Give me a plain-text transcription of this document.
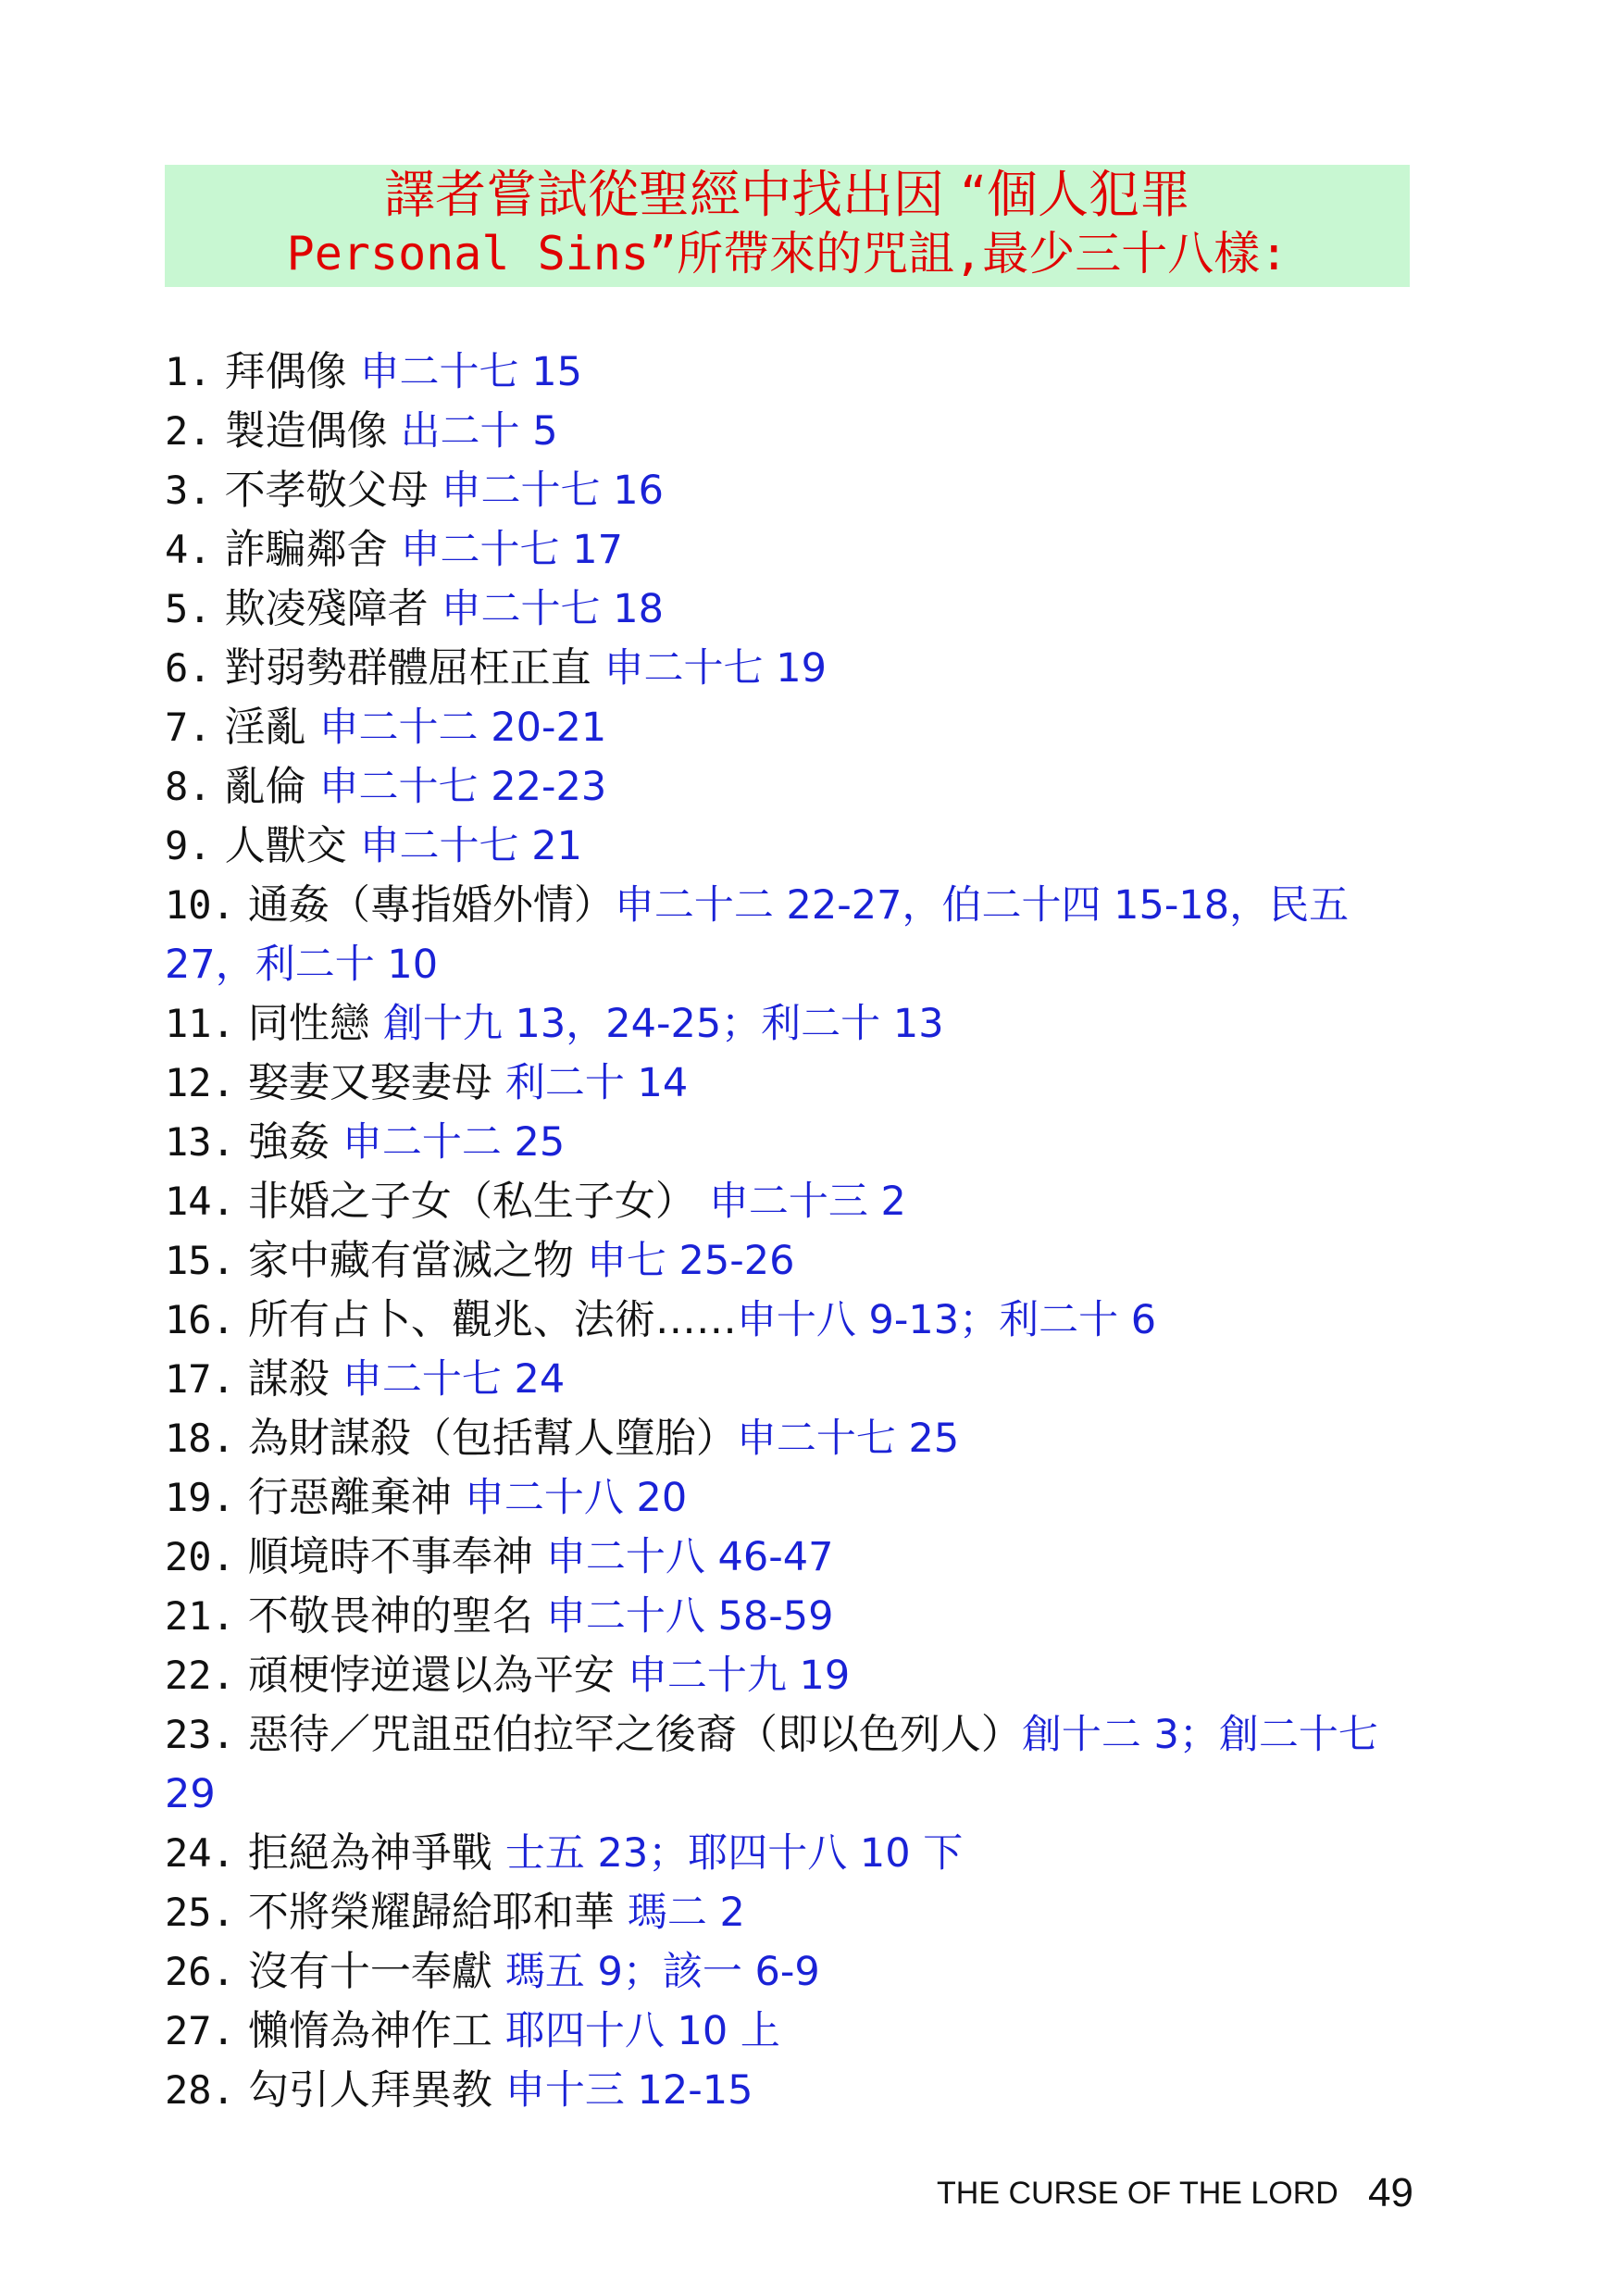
譯者嘗試從聖經中找出因 “個人犯罪
Personal Sins”所帶來的咒詛,最少三十八樣:
1. 拜偶像 申二十七 15
2. 製造偶像 出二十 5
3. 不孝敬父母 申二十七 16
4. 詐騙鄰舍 申二十七 17
5. 欺凌殘障者 申二十七 18
6. 對弱勢群體屈枉正直 申二十七 19
7. 淫亂 申二十二 20-21
8. 亂倫 申二十七 22-23
9. 人獸交 申二十七 21
10. 通姦（專指婚外情）申二十二 22-27，伯二十四 15-18，民五 27，利二十 10
11. 同性戀 創十九 13，24-25；利二十 13
12. 娶妻又娶妻母 利二十 14
13. 強姦 申二十二 25
14. 非婚之子女（私生子女） 申二十三 2
15. 家中藏有當滅之物 申七 25-26
16. 所有占卜、觀兆、法術……申十八 9-13；利二十 6
17. 謀殺 申二十七 24
18. 為財謀殺（包括幫人墮胎）申二十七 25
19. 行惡離棄神 申二十八 20
20. 順境時不事奉神 申二十八 46-47
21. 不敬畏神的聖名 申二十八 58-59
22. 頑梗悖逆還以為平安 申二十九 19
23. 惡待／咒詛亞伯拉罕之後裔（即以色列人）創十二 3；創二十七 29
24. 拒絕為神爭戰 士五 23；耶四十八 10 下
25. 不將榮耀歸給耶和華 瑪二 2
26. 沒有十一奉獻 瑪五 9；該一 6-9
27. 懶惰為神作工 耶四十八 10 上
28. 勾引人拜異教 申十三 12-15
THE CURSE OF THE LORD 49
